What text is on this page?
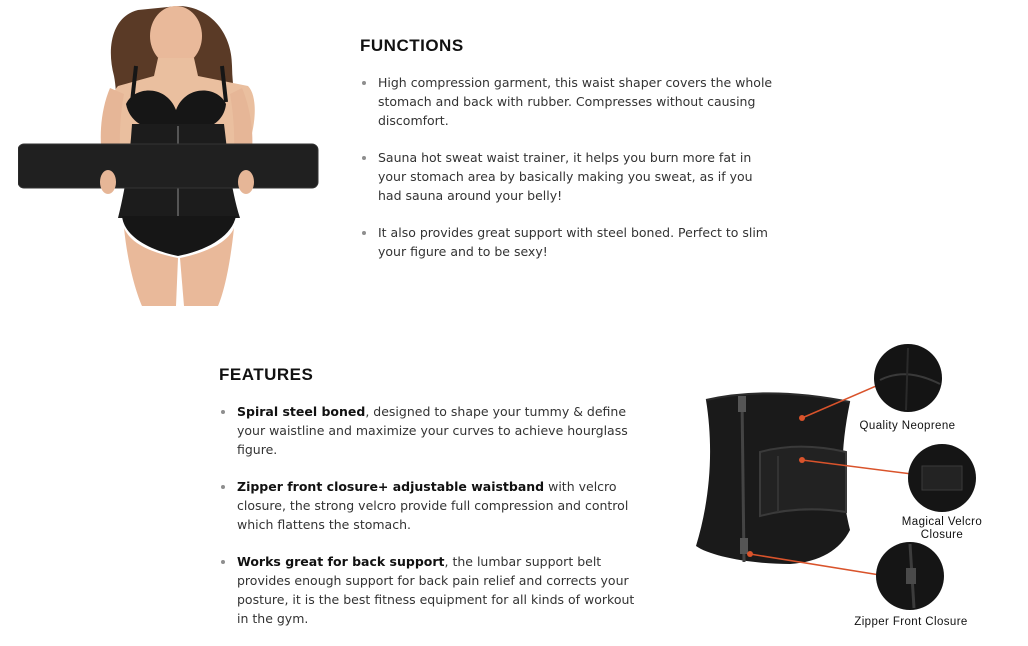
FUNCTIONS
High compression garment, this waist shaper covers the whole stomach and back with rubber. Compresses without causing discomfort.
Sauna hot sweat waist trainer, it helps you burn more fat in your stomach area by basically making you sweat, as if you had sauna around your belly!
It also provides great support with steel boned. Perfect to slim your figure and to be sexy!
FEATURES
Spiral steel boned, designed to shape your tummy & define your waistline and maximize your curves to achieve hourglass figure.
Zipper front closure+ adjustable waistband with velcro closure, the strong velcro provide full compression and control which flattens the stomach.
Works great for back support, the lumbar support belt provides enough support for back pain relief and corrects your posture, it is the best fitness equipment for all kinds of workout in the gym.
Quality Neoprene
Magical Velcro
Closure
Zipper Front Closure
